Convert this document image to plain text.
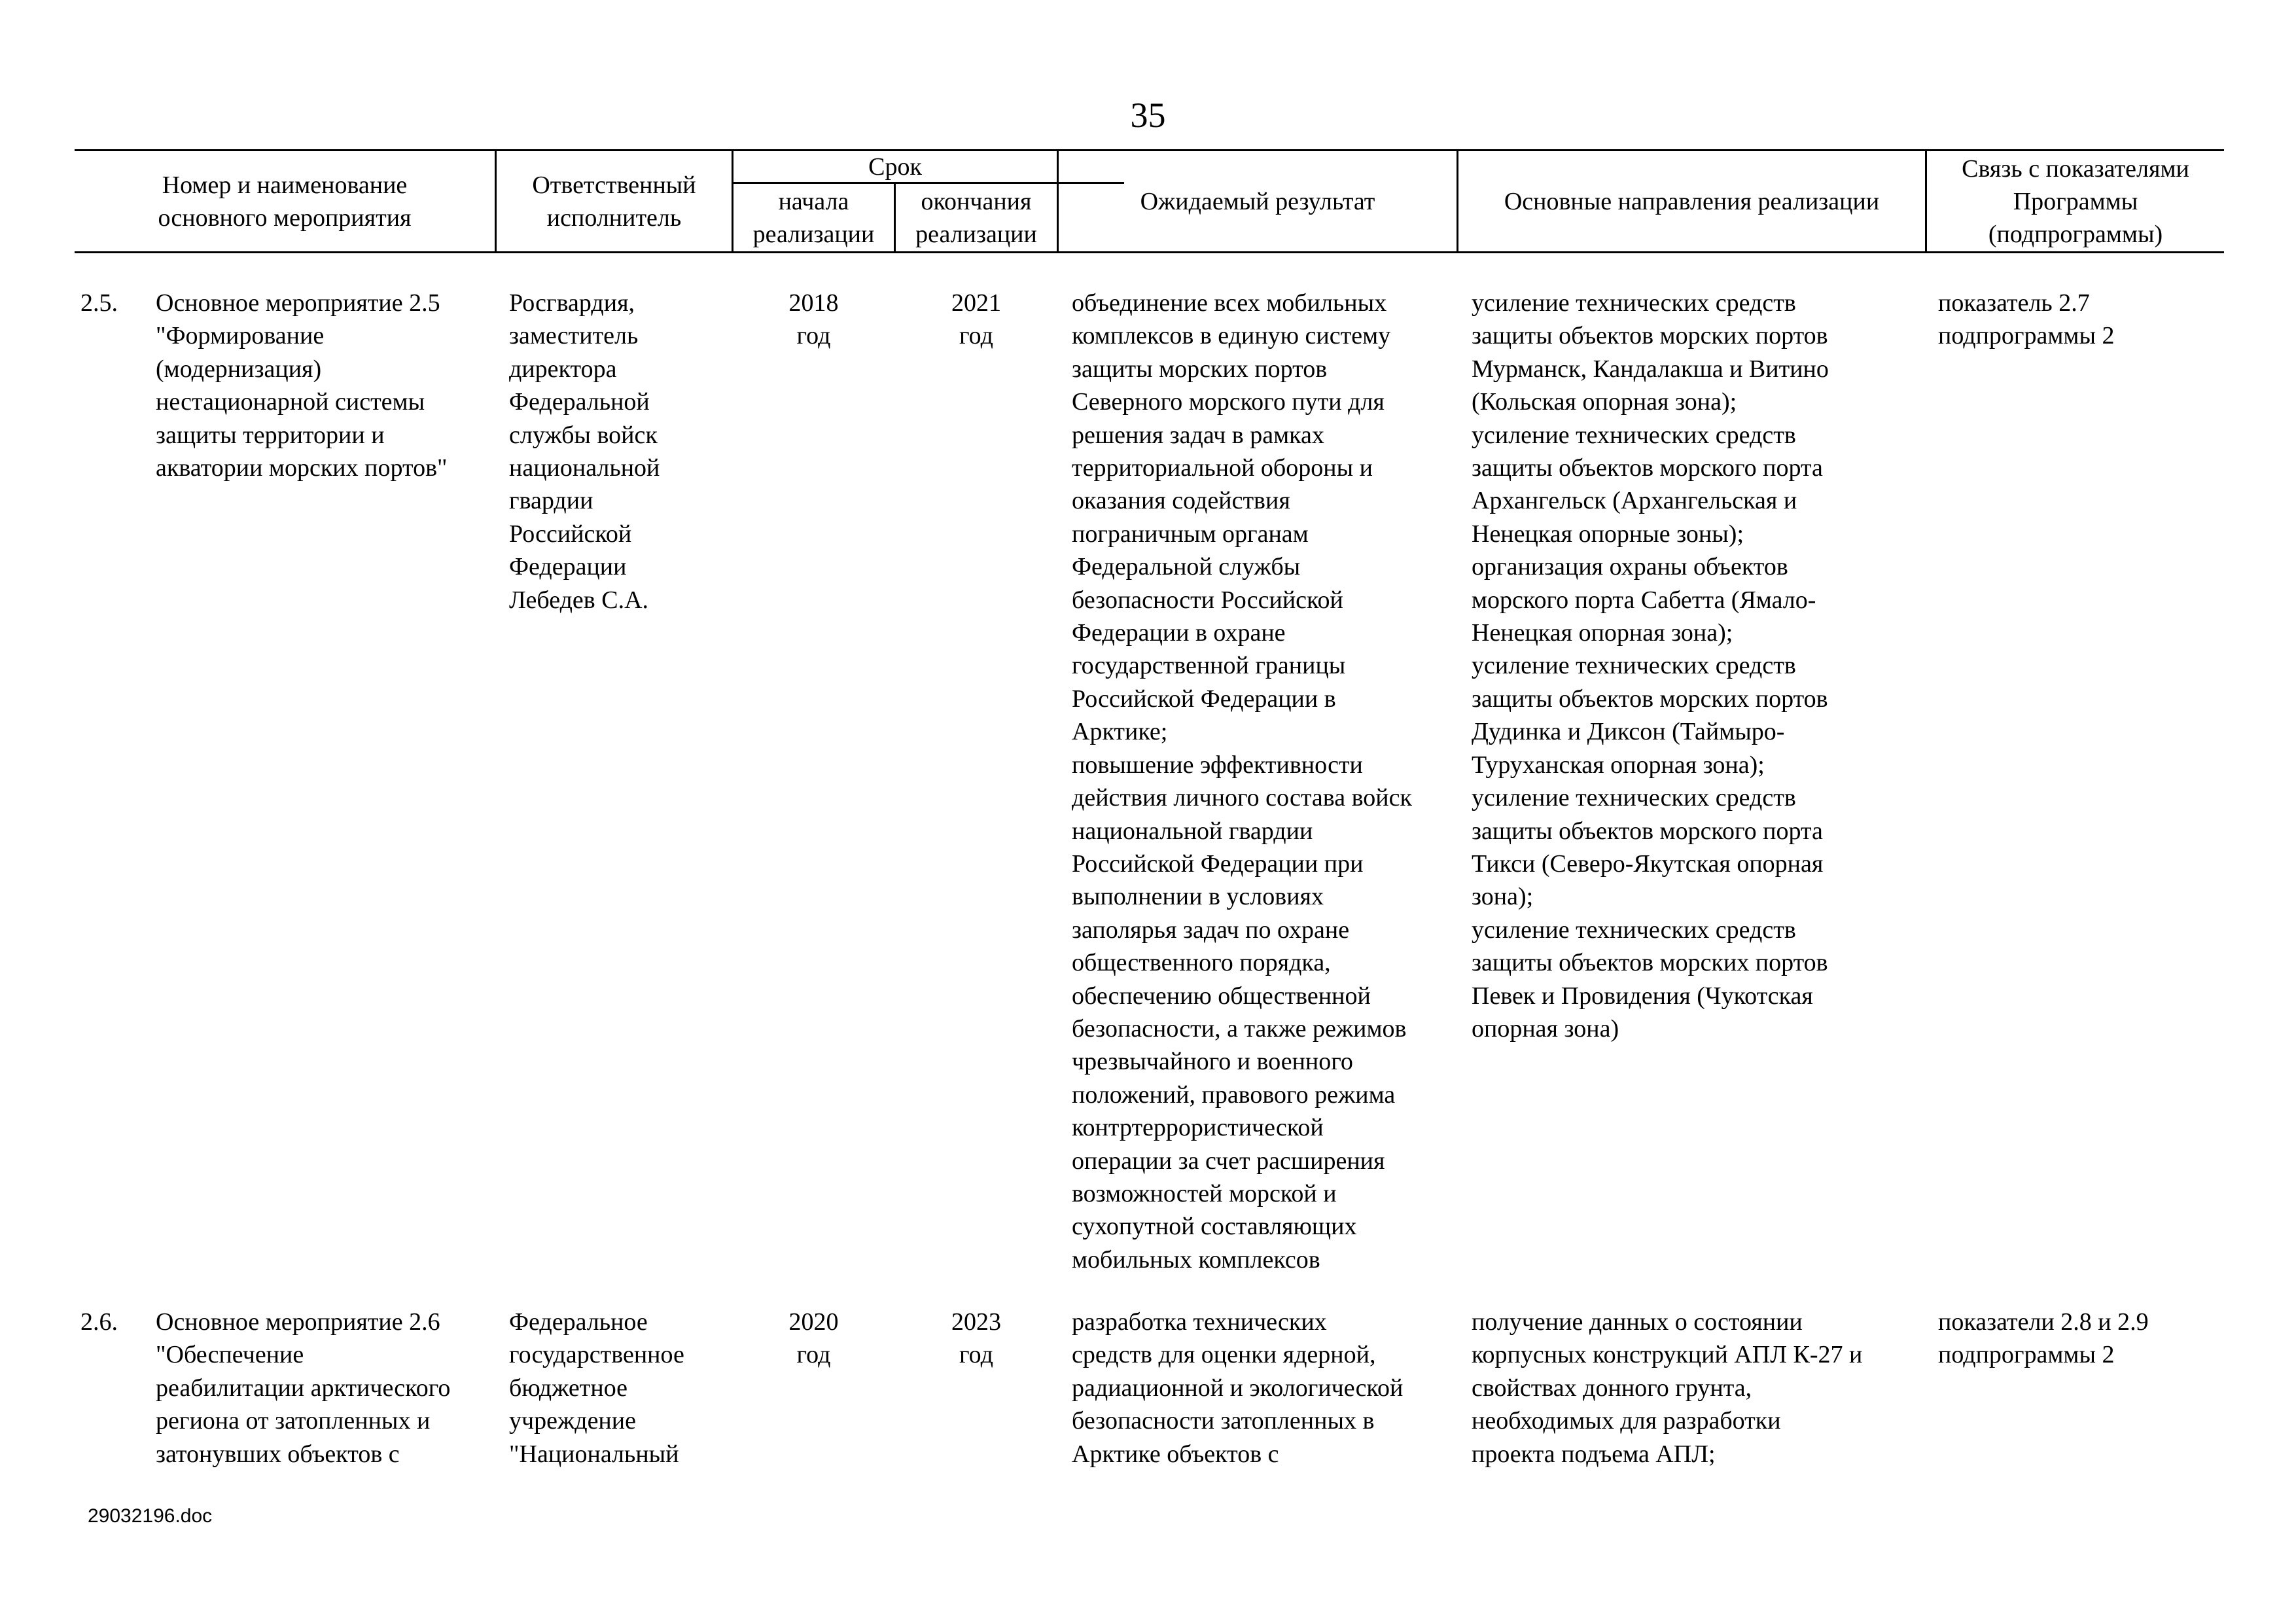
35
Номер и наименование
основного мероприятия
Ответственный
исполнитель
Срок
начала
реализации
окончания
реализации
Ожидаемый результат	Основные направления реализации
Связь с показателями
Программы
(подпрограммы)
2.5. Основное мероприятие 2.5
"Формирование
(модернизация)
нестационарной системы
защиты территории и
акватории морских портов"
Росгвардия,
заместитель
директора
Федеральной
службы войск
национальной
гвардии
Российской
Федерации
Лебедев С.А.
2018
год
2021
год
объединение всех мобильных
комплексов в единую систему
защиты морских портов
Северного морского пути для
решения задач в рамках
территориальной обороны и
оказания содействия
пограничным органам
Федеральной службы
безопасности Российской
Федерации в охране
государственной границы
Российской Федерации в
Арктике;
повышение эффективности
действия личного состава войск
национальной гвардии
Российской Федерации при
выполнении в условиях
заполярья задач по охране
общественного порядка,
обеспечению общественной
безопасности, а также режимов
чрезвычайного и военного
положений, правового режима
контртеррористической
операции за счет расширения
возможностей морской и
сухопутной составляющих
мобильных комплексов
усиление технических средств
защиты объектов морских портов
Мурманск, Кандалакша и Витино
(Кольская опорная зона);
усиление технических средств
защиты объектов морского порта
Архангельск (Архангельская и
Ненецкая опорные зоны);
организация охраны объектов
морского порта Сабетта (Ямало-
Ненецкая опорная зона);
усиление технических средств
защиты объектов морских портов
Дудинка и Диксон (Таймыро-
Туруханская опорная зона);
усиление технических средств
защиты объектов морского порта
Тикси (Северо-Якутская опорная
зона);
усиление технических средств
защиты объектов морских портов
Певек и Провидения (Чукотская
опорная зона)
показатель 2.7
подпрограммы 2
2.6. Основное мероприятие 2.6
"Обеспечение
реабилитации арктического
региона от затопленных и
затонувших объектов с
Федеральное
государственное
бюджетное
учреждение
"Национальный
2020
год
2023
год
разработка технических
средств для оценки ядерной,
радиационной и экологической
безопасности затопленных в
Арктике объектов с
получение данных о состоянии
корпусных конструкций АПЛ К-27 и
свойствах донного грунта,
необходимых для разработки
проекта подъема АПЛ;
показатели 2.8 и 2.9
подпрограммы 2
29032196.doc
